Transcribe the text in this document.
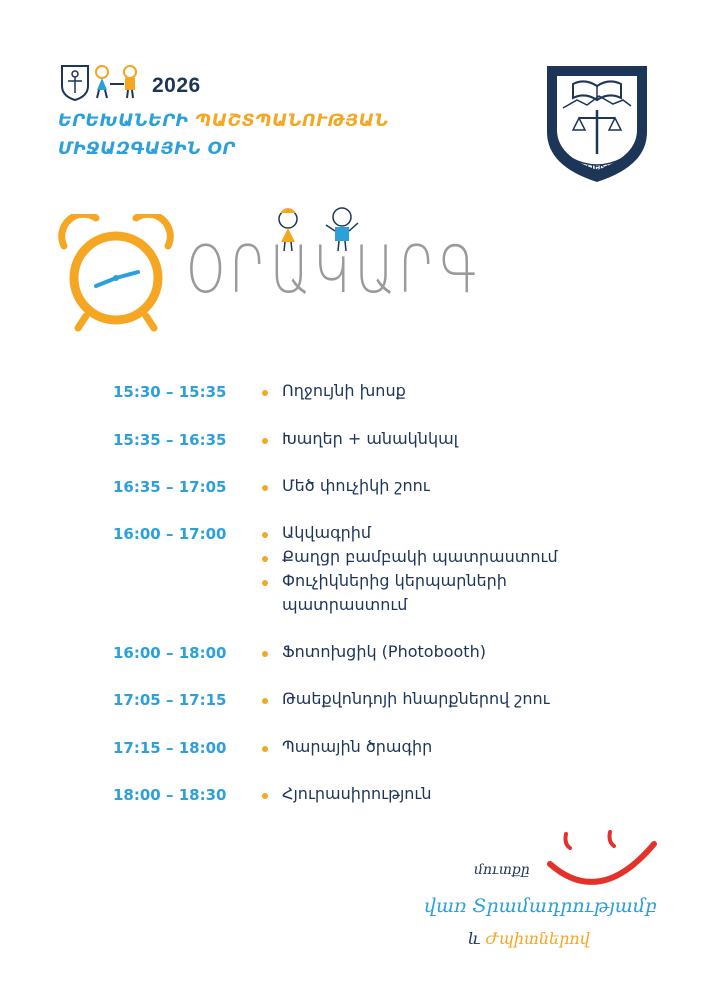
2026
ԵՐԵԽԱՆԵՐԻ ՊԱՇՏՊԱՆՈՒԹՅԱՆ
ՄԻՋԱԶԳԱՅԻՆ ՕՐ
ԻՐԱՎԵՐԺ
ՕՐԱԿԱՐԳ
15:30 – 15:35	Ողջույնի խոսք
15:35 – 16:35	Խաղեր + անակնկալ
16:35 – 17:05	Մեծ փուչիկի շոու
16:00 – 17:00	Ակվագրիմ
Քաղցր բամբակի պատրաստում
Փուչիկներից կերպարների
պատրաստում
16:00 – 18:00	Ֆոտոխցիկ (Photobooth)
17:05 – 17:15	Թաեքվոնդոյի հնարքներով շոու
17:15 – 18:00	Պարային ծրագիր
18:00 – 18:30	Հյուրասիրություն
մուտքը
վառ Տրամադրությամբ
և Ժպիտներով
